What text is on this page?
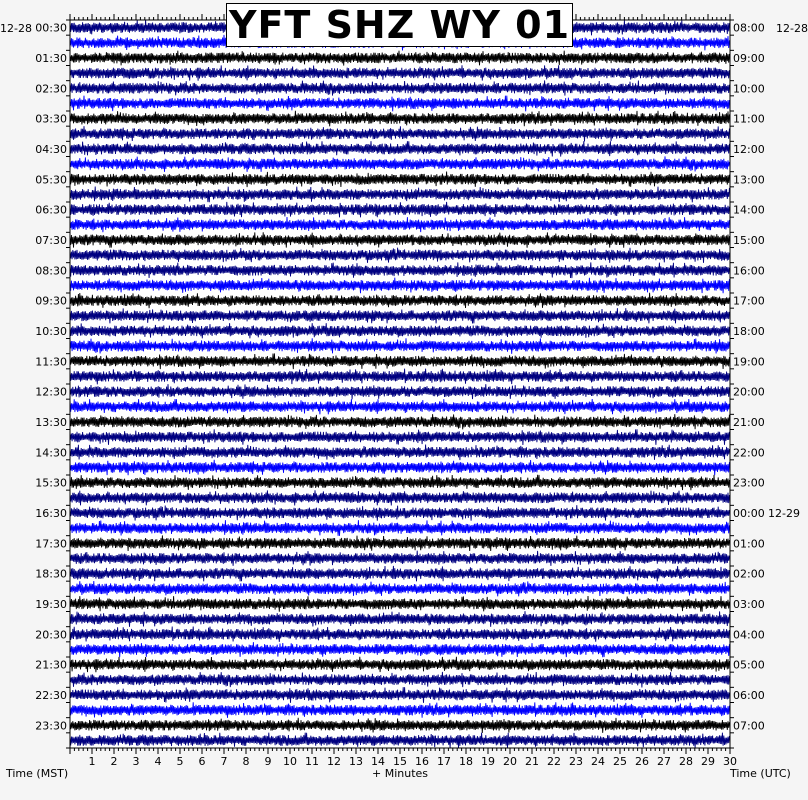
00:30
01:30
02:30
03:30
04:30
05:30
06:30
07:30
08:30
09:30
10:30
11:30
12:30
13:30
14:30
15:30
16:30
17:30
18:30
19:30
20:30
21:30
22:30
23:30
08:00
09:00
10:00
11:00
12:00
13:00
14:00
15:00
16:00
17:00
18:00
19:00
20:00
21:00
22:00
23:00
00:00 12-29
01:00
02:00
03:00
04:00
05:00
06:00
07:00
1 2 3 4 5 6 7 8 9 10 11 12 13 14 15 16 17 18 19 20 21 22 23 24 25 26 27 28 29 30
YFT SHZ WY 01
12-28	12-28
Time (MST)	+ Minutes	Time (UTC)
